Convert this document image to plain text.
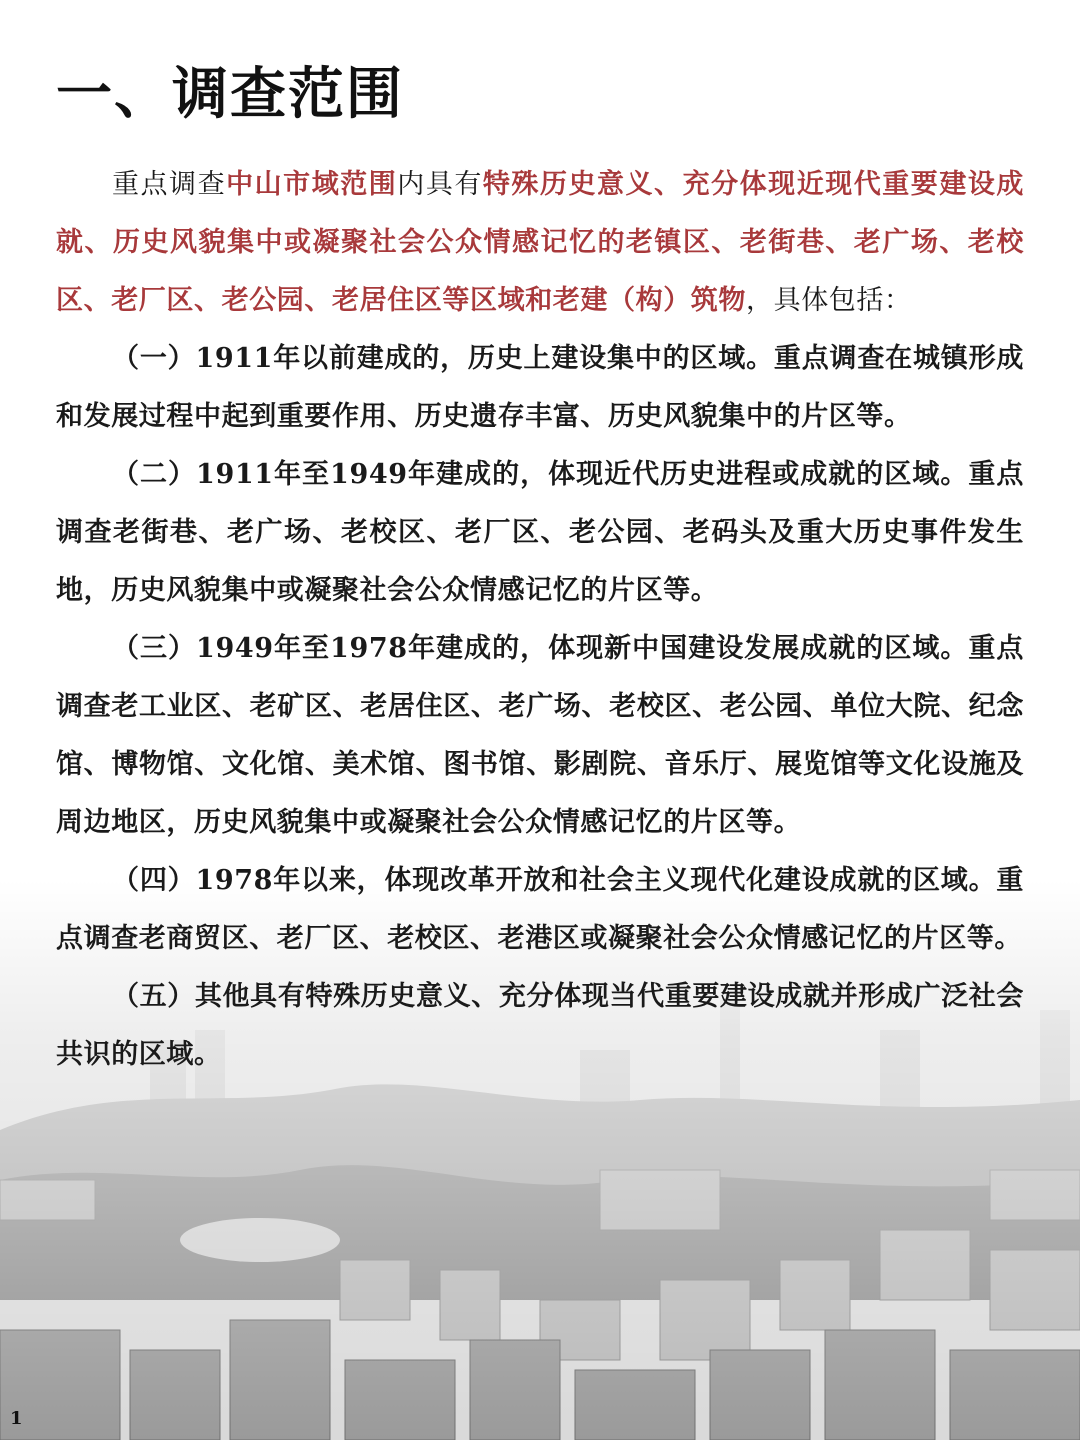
一、调查范围

重点调查中山市域范围内具有特殊历史意义、充分体现近现代重要建设成就、历史风貌集中或凝聚社会公众情感记忆的老镇区、老街巷、老广场、老校区、老厂区、老公园、老居住区等区域和老建（构）筑物，具体包括：

（一）1911年以前建成的，历史上建设集中的区域。重点调查在城镇形成和发展过程中起到重要作用、历史遗存丰富、历史风貌集中的片区等。

（二）1911年至1949年建成的，体现近代历史进程或成就的区域。重点调查老街巷、老广场、老校区、老厂区、老公园、老码头及重大历史事件发生地，历史风貌集中或凝聚社会公众情感记忆的片区等。

（三）1949年至1978年建成的，体现新中国建设发展成就的区域。重点调查老工业区、老矿区、老居住区、老广场、老校区、老公园、单位大院、纪念馆、博物馆、文化馆、美术馆、图书馆、影剧院、音乐厅、展览馆等文化设施及周边地区，历史风貌集中或凝聚社会公众情感记忆的片区等。

（四）1978年以来，体现改革开放和社会主义现代化建设成就的区域。重点调查老商贸区、老厂区、老校区、老港区或凝聚社会公众情感记忆的片区等。

（五）其他具有特殊历史意义、充分体现当代重要建设成就并形成广泛社会共识的区域。

1
